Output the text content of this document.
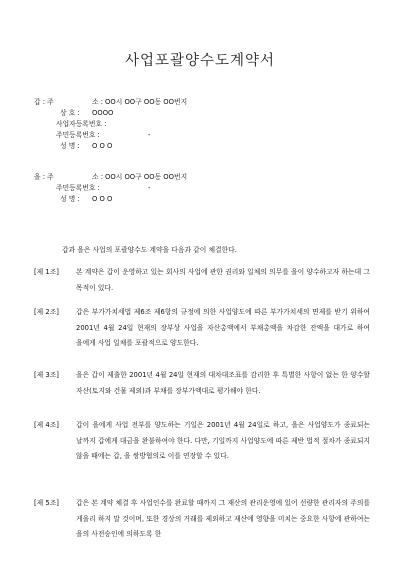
사업포괄양수도계약서
갑 : 주	소 : OO시 OO구 OO동 OO번지
상 호 :	OOOO
사업자등록번호 :
주민등록번호 :	-
성 명 :	O O O
을 : 주	소 : OO시 OO구 OO동 OO번지
주민등록번호 :	-
성 명 :	O O O
갑과 을은 사업의 포괄양수도 계약을 다음과 같이 체결한다.
[제 1조]	본 계약은 갑이 운영하고 있는 회사의 사업에 관한 권리와 일체의 의무를 을이 양수하고자 하는데 그 목적이 있다.
[제 2조]	갑은 부가가치세법 제6조 제6항의 규정에 의한 사업양도에 따른 부가가치세의 면제를 받기 위하여 2001년 4월 24일 현재의 장부상 사업을 자산총액에서 부채총액을 차감한 잔액을 대가로 하여 을에게 사업 일체를 포괄적으로 양도한다.
[제 3조]	을은 갑이 제출한 2001년 4월 24일 현재의 대차대조표를 감리한 후 특별한 사항이 없는 한 양수할 자산(토지와 건물 제외)과 부채를 장부가액대로 평가해야 한다.
[제 4조]	갑이 을에게 사업 전부를 양도하는 기일은 2001년 4월 24일로 하고, 을은 사업양도가 종료되는 날까지 갑에게 대금을 완불하여야 한다. 다만, 기일까지 사업양도에 따른 제반 법적 절차가 종료되지 않을 때에는 갑, 을 쌍방협의로 이를 연장할 수 있다.
[제 5조]	갑은 본 계약 체결 후 사업인수를 완료할 때까지 그 재산의 관리운영에 있어 선량한 관리자의 주의를 게을리 하지 말 것이며, 또한 경상의 거래를 제외하고 재산에 영향을 미치는 중요한 사항에 관하여는 을의 사전승인에 의하도록 한
